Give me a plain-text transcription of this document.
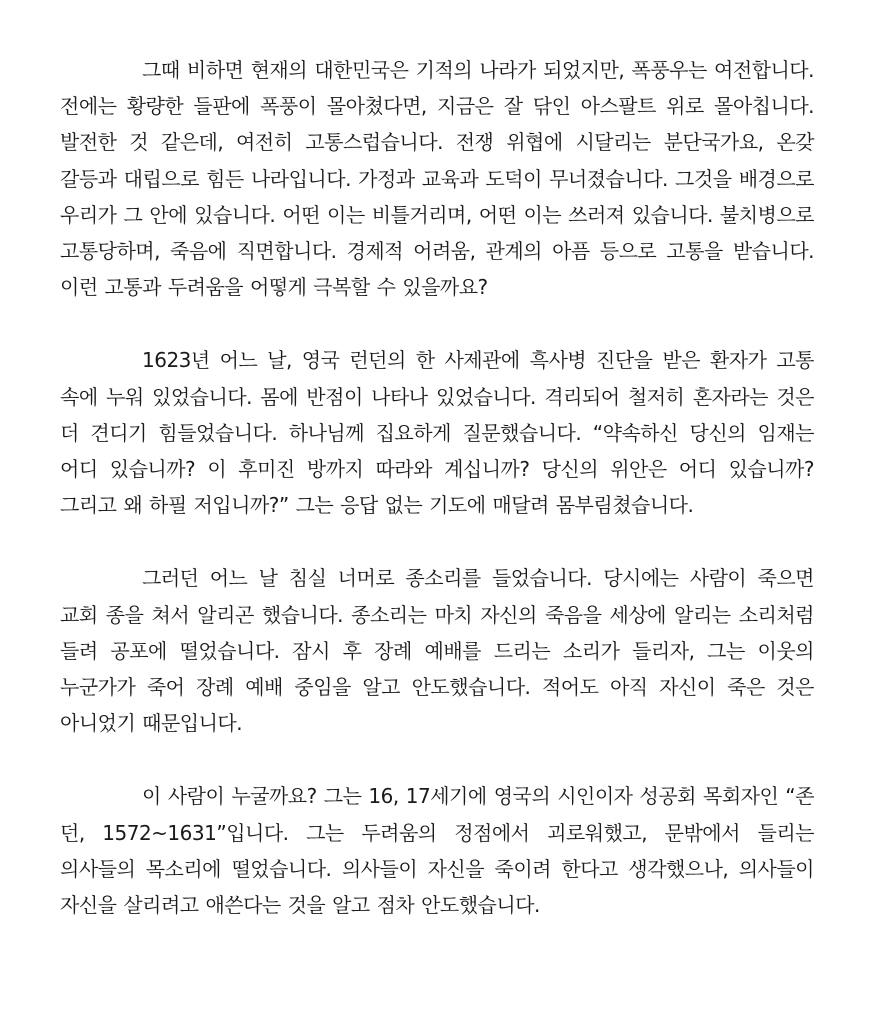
그때 비하면 현재의 대한민국은 기적의 나라가 되었지만, 폭풍우는 여전합니다. 전에는 황량한 들판에 폭풍이 몰아쳤다면, 지금은 잘 닦인 아스팔트 위로 몰아칩니다. 발전한 것 같은데, 여전히 고통스럽습니다. 전쟁 위협에 시달리는 분단국가요, 온갖 갈등과 대립으로 힘든 나라입니다. 가정과 교육과 도덕이 무너졌습니다. 그것을 배경으로 우리가 그 안에 있습니다. 어떤 이는 비틀거리며, 어떤 이는 쓰러져 있습니다. 불치병으로 고통당하며, 죽음에 직면합니다. 경제적 어려움, 관계의 아픔 등으로 고통을 받습니다. 이런 고통과 두려움을 어떻게 극복할 수 있을까요?

1623년 어느 날, 영국 런던의 한 사제관에 흑사병 진단을 받은 환자가 고통 속에 누워 있었습니다. 몸에 반점이 나타나 있었습니다. 격리되어 철저히 혼자라는 것은 더 견디기 힘들었습니다. 하나님께 집요하게 질문했습니다. “약속하신 당신의 임재는 어디 있습니까? 이 후미진 방까지 따라와 계십니까? 당신의 위안은 어디 있습니까? 그리고 왜 하필 저입니까?” 그는 응답 없는 기도에 매달려 몸부림쳤습니다.

그러던 어느 날 침실 너머로 종소리를 들었습니다. 당시에는 사람이 죽으면 교회 종을 쳐서 알리곤 했습니다. 종소리는 마치 자신의 죽음을 세상에 알리는 소리처럼 들려 공포에 떨었습니다. 잠시 후 장례 예배를 드리는 소리가 들리자, 그는 이웃의 누군가가 죽어 장례 예배 중임을 알고 안도했습니다. 적어도 아직 자신이 죽은 것은 아니었기 때문입니다.

이 사람이 누굴까요? 그는 16, 17세기에 영국의 시인이자 성공회 목회자인 “존 던, 1572~1631”입니다. 그는 두려움의 정점에서 괴로워했고, 문밖에서 들리는 의사들의 목소리에 떨었습니다. 의사들이 자신을 죽이려 한다고 생각했으나, 의사들이 자신을 살리려고 애쓴다는 것을 알고 점차 안도했습니다.
